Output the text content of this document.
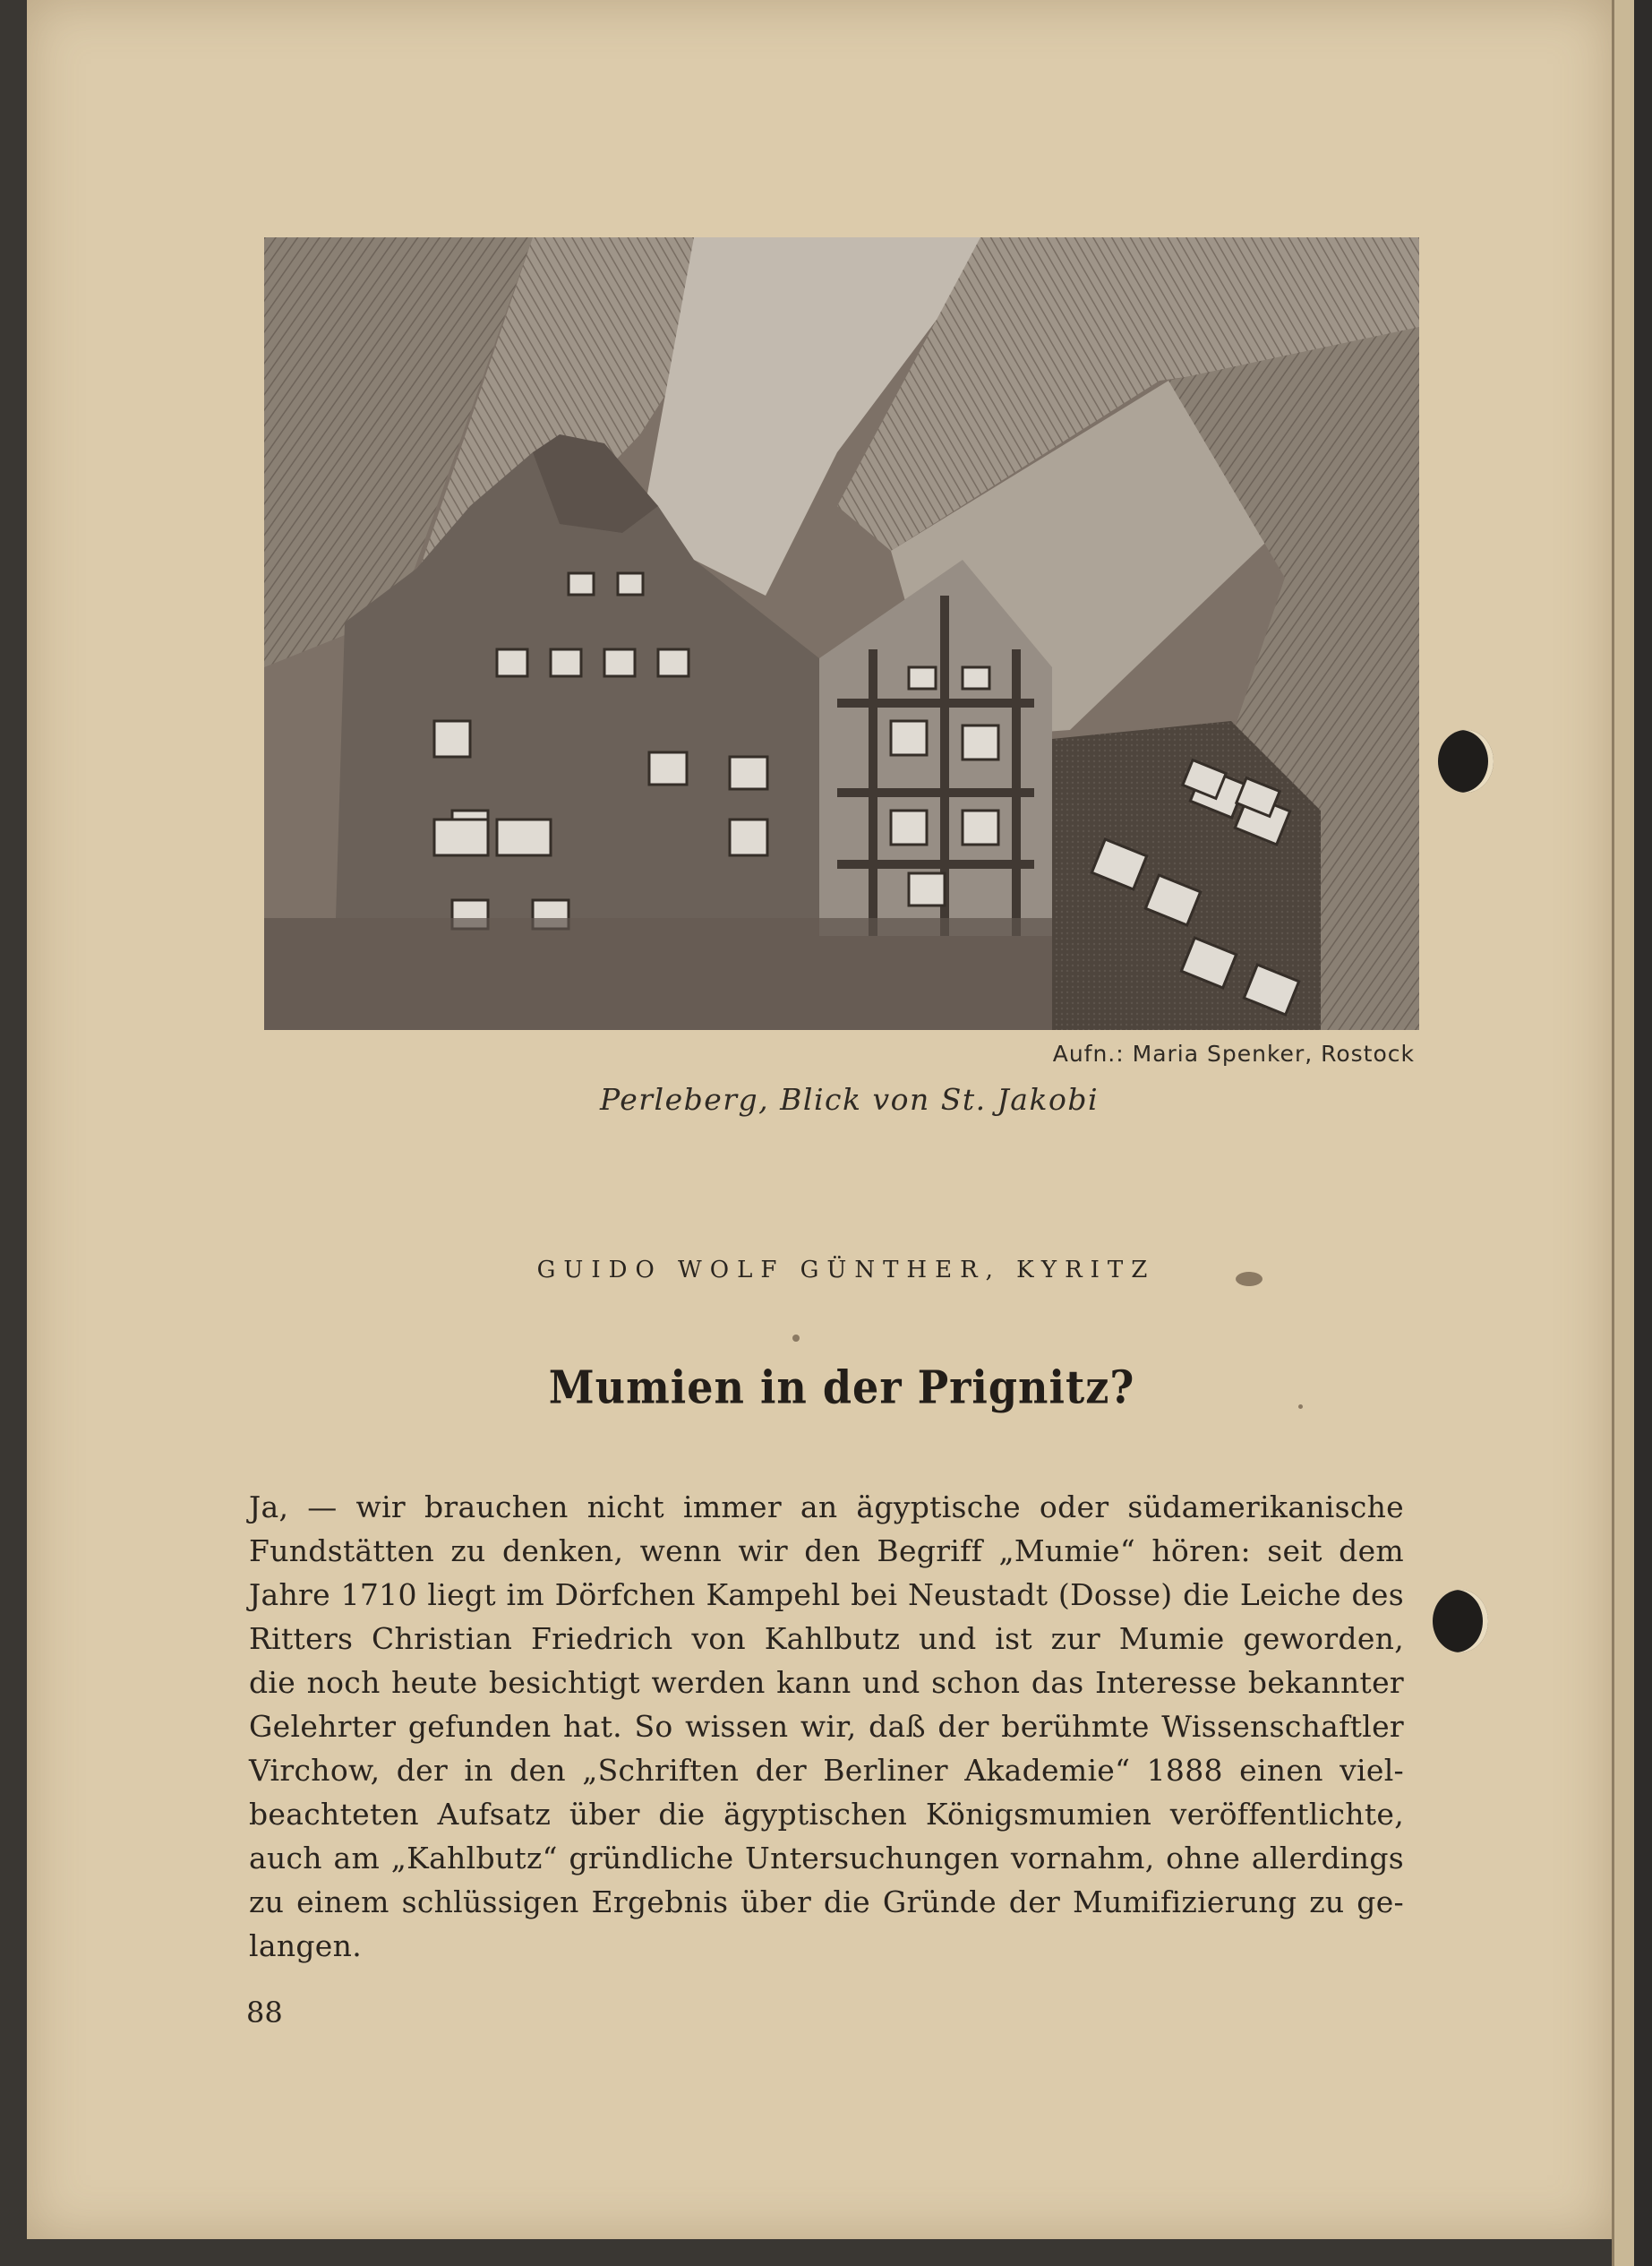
Aufn.: Maria Spenker, Rostock
Perleberg, Blick von St. Jakobi
GUIDO WOLF GÜNTHER, KYRITZ
Mumien in der Prignitz?
Ja, — wir brauchen nicht immer an ägyptische oder südamerikanische
Fundstätten zu denken, wenn wir den Begriff „Mumie“ hören: seit dem
Jahre 1710 liegt im Dörfchen Kampehl bei Neustadt (Dosse) die Leiche des
Ritters Christian Friedrich von Kahlbutz und ist zur Mumie geworden,
die noch heute besichtigt werden kann und schon das Interesse bekannter
Gelehrter gefunden hat. So wissen wir, daß der berühmte Wissenschaftler
Virchow, der in den „Schriften der Berliner Akademie“ 1888 einen viel-
beachteten Aufsatz über die ägyptischen Königsmumien veröffentlichte,
auch am „Kahlbutz“ gründliche Untersuchungen vornahm, ohne allerdings
zu einem schlüssigen Ergebnis über die Gründe der Mumifizierung zu ge-
langen.
88
